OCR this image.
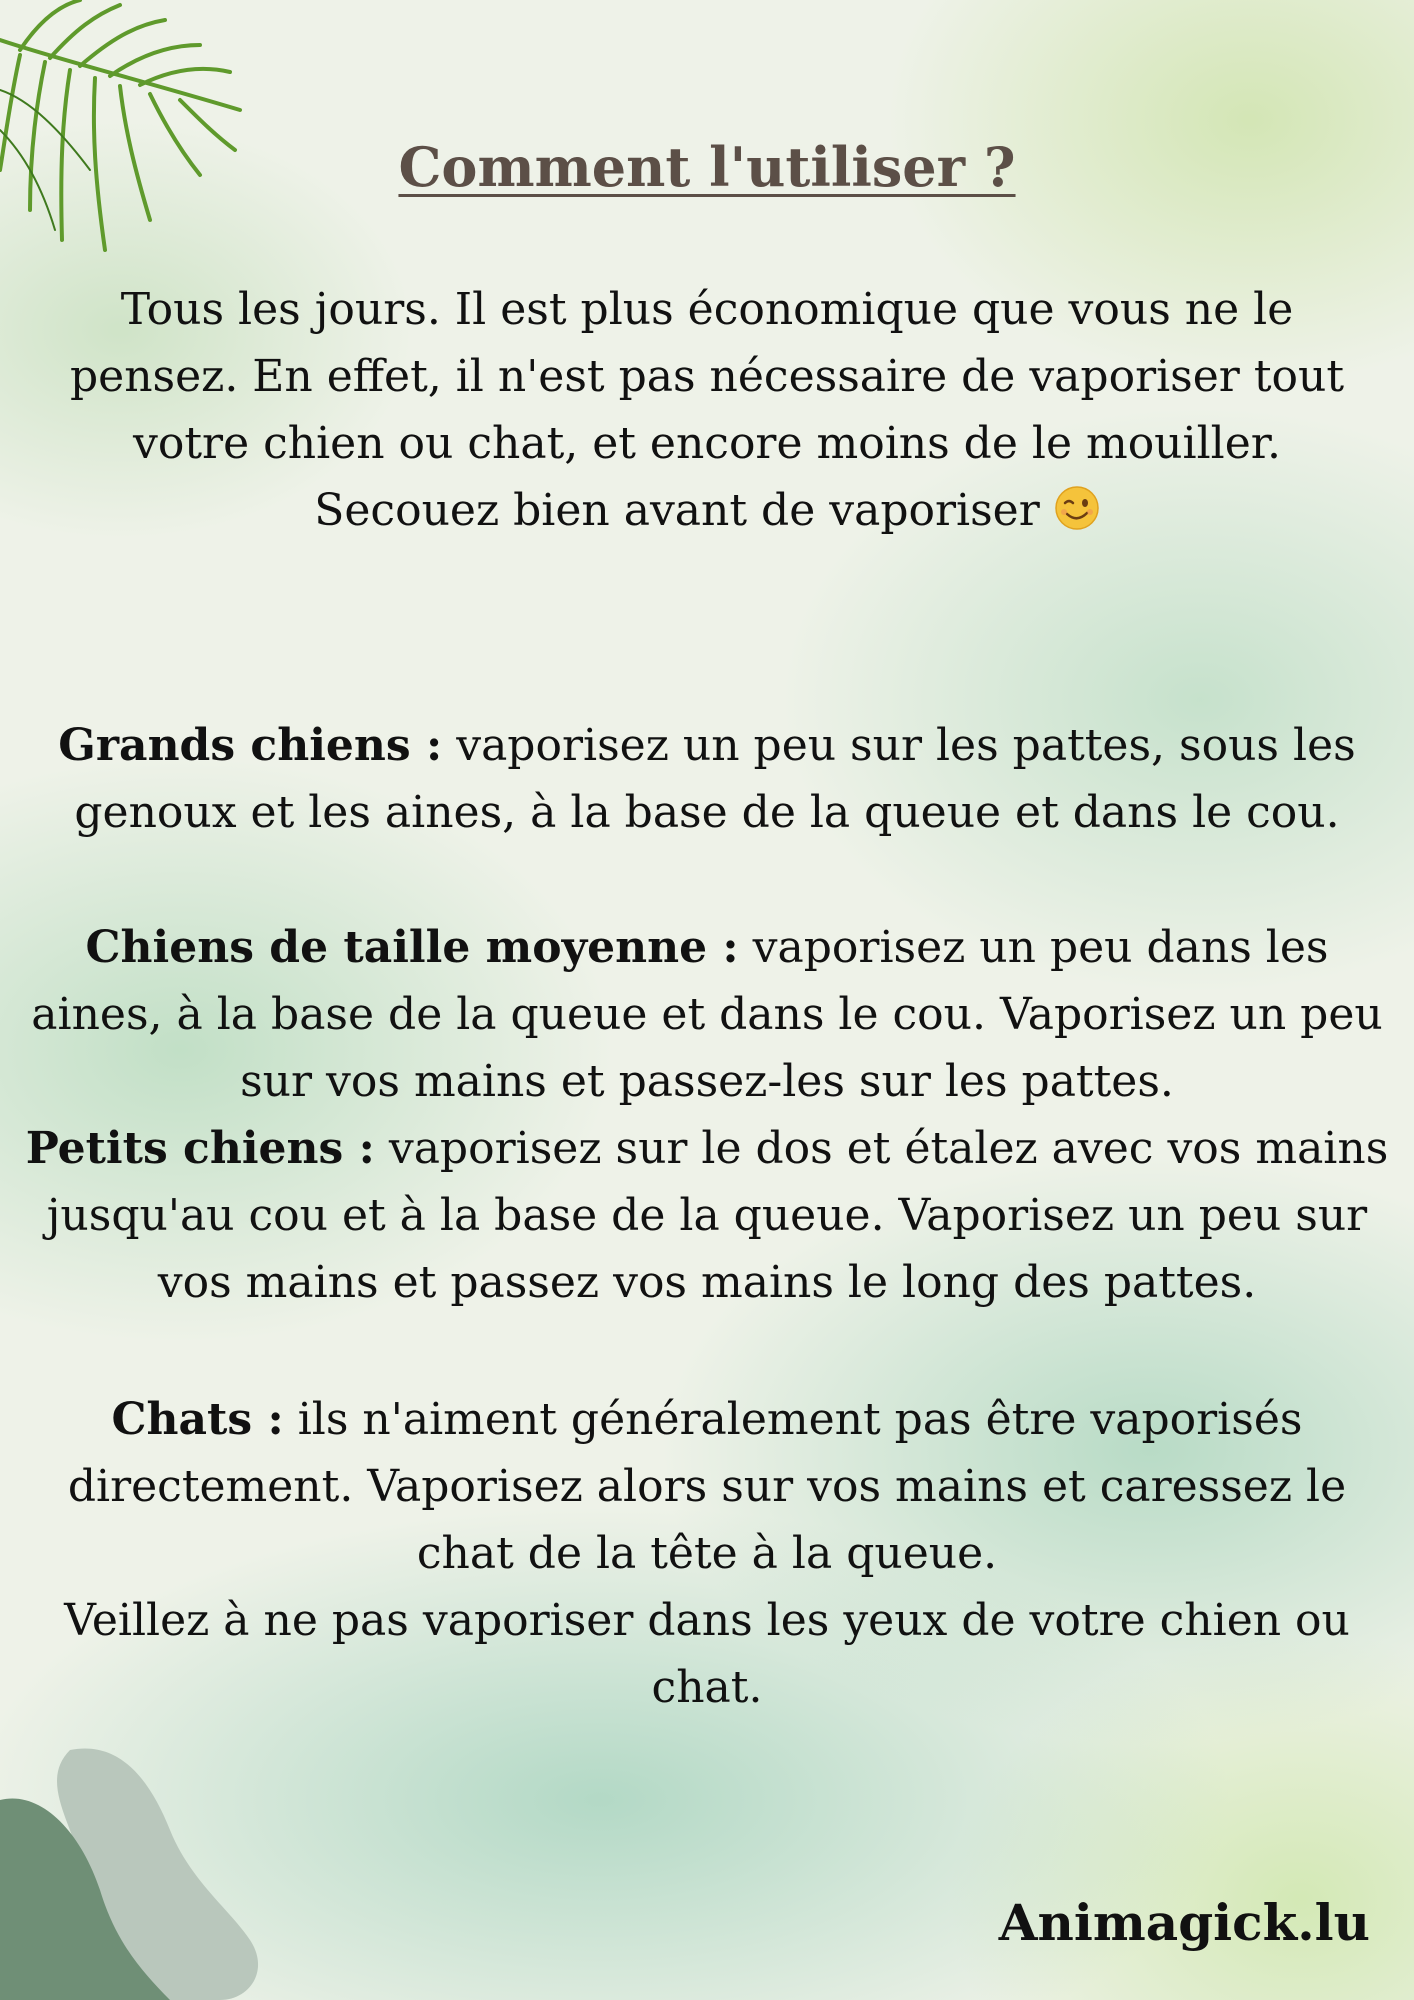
Comment l'utiliser ?

Tous les jours. Il est plus économique que vous ne le

pensez. En effet, il n'est pas nécessaire de vaporiser tout

votre chien ou chat, et encore moins de le mouiller.

Secouez bien avant de vaporiser

Grands chiens : vaporisez un peu sur les pattes, sous les

genoux et les aines, à la base de la queue et dans le cou.

Chiens de taille moyenne : vaporisez un peu dans les

aines, à la base de la queue et dans le cou. Vaporisez un peu

sur vos mains et passez-les sur les pattes.

Petits chiens : vaporisez sur le dos et étalez avec vos mains

jusqu'au cou et à la base de la queue. Vaporisez un peu sur

vos mains et passez vos mains le long des pattes.

Chats : ils n'aiment généralement pas être vaporisés

directement. Vaporisez alors sur vos mains et caressez le

chat de la tête à la queue.

Veillez à ne pas vaporiser dans les yeux de votre chien ou

chat.

Animagick.lu
